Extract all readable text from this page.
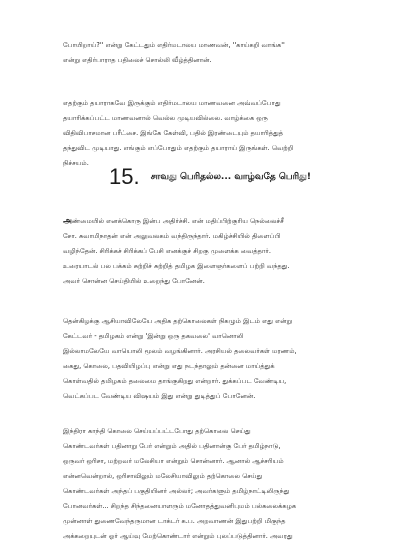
போயிறாய்?'' என்று கேட்டதும் எதிர்மடாலய மாணவன், ''காய்கறி வாங்க''
என்று எதிர்பாராத பதிலைச் சொல்லி வீழ்த்தினான்.

எதற்கும் தயாராகவே இருக்கும் எதிர்மடாலய மாணவனை அவ்வப்போது
தயாரிக்கப்பட்ட மாணவனால் வெல்ல முடியவில்லை. வாழ்க்கை ஒரு
விதிவிபாசமான பரீட்சை. இங்கே கேள்வி, பதில் இரண்டையும் தயாரித்துத்
தந்துவிட முடியாது. எங்கும் எப்போதும் எதற்கும் தயாராய் இருங்கள். வெற்றி
நிச்சயம்.

15. சாவது பெரிதல்ல... வாழ்வதே பெரிது!

அண்மையில் எனக்கொரு இன்ப அதிர்ச்சி. என் மதிப்பிற்குரிய நெல்லைச்சீ
சோ. சுவாமிநாதன் என் அலுவலகம் வந்திருந்தார். மகிழ்ச்சியில் திளைப்பி
வழிந்தேன். சிரிக்கச் சிரிக்கப் பேசி எனக்குச் சிறகு முளைக்க வைத்தார்.
உரையாடல் பல பக்கம் சுற்றிச் சுற்றித் தமிழக இளைஞர்களைப் பற்றி வந்தது.
அவர் சொன்ன செய்தியில் உறைந்து போனேன்.

தென்கிழக்கு ஆசியாவிலேயே அதிக தற்கொலைகள் நிகழும் இடம் எது என்று
கேட்டவர் - தமிழகம் என்று 'இன்று ஒரு தகவலை' வானொலி
இல்லாமலேயே வாயொலி மூலம் வழங்கினார். அரசியல் தலைவர்கள் மரணம்,
கைது, கொலை, பதவியிழப்பு என்று எது நடந்தாலும் தன்னை மாய்த்துக்
கொள்வதில் தமிழகம் தலைமை தாங்குகிறது என்றார். துக்கப்பட வேண்டிய,
வெட்கப்பட வேண்டிய விஷயம் இது என்று துடித்துப் போனேன்.

இந்திரா காந்தி கொலை செய்யப்பட்டபோது தற்கொலை செய்து
கொண்டவர்கள் பதினாறு பேர் என்றும் அதில் பதினான்கு பேர் தமிழ்நாடு,
ஒருவர் ஒரிசா, மற்றவர் மலேசியா என்றும் சொன்னார். ஆனால் ஆச்சரியம்
என்னவென்றால், ஒரிசாவிலும் மலேசியாவிலும் தற்கொலை செய்து
கொண்டவர்கள் அந்தப் பகுதியினர் அல்லர்; அவர்களும் தமிழ்நாட்டிலிருந்து
போனவர்கள்... சிறந்த சிந்தனையாளரும் மனோதத்துவனிபுமம் பல்கலைக்கழக
முன்னாள் துணைவேந்தருமான டாக்டர் க.ப. அறவாணன் இதுபற்றி மிகுந்த
அக்கறையுடன் ஓர் ஆய்வு மேற்கொண்டார் என்றும் புலப்படுத்தினார். அவரது
